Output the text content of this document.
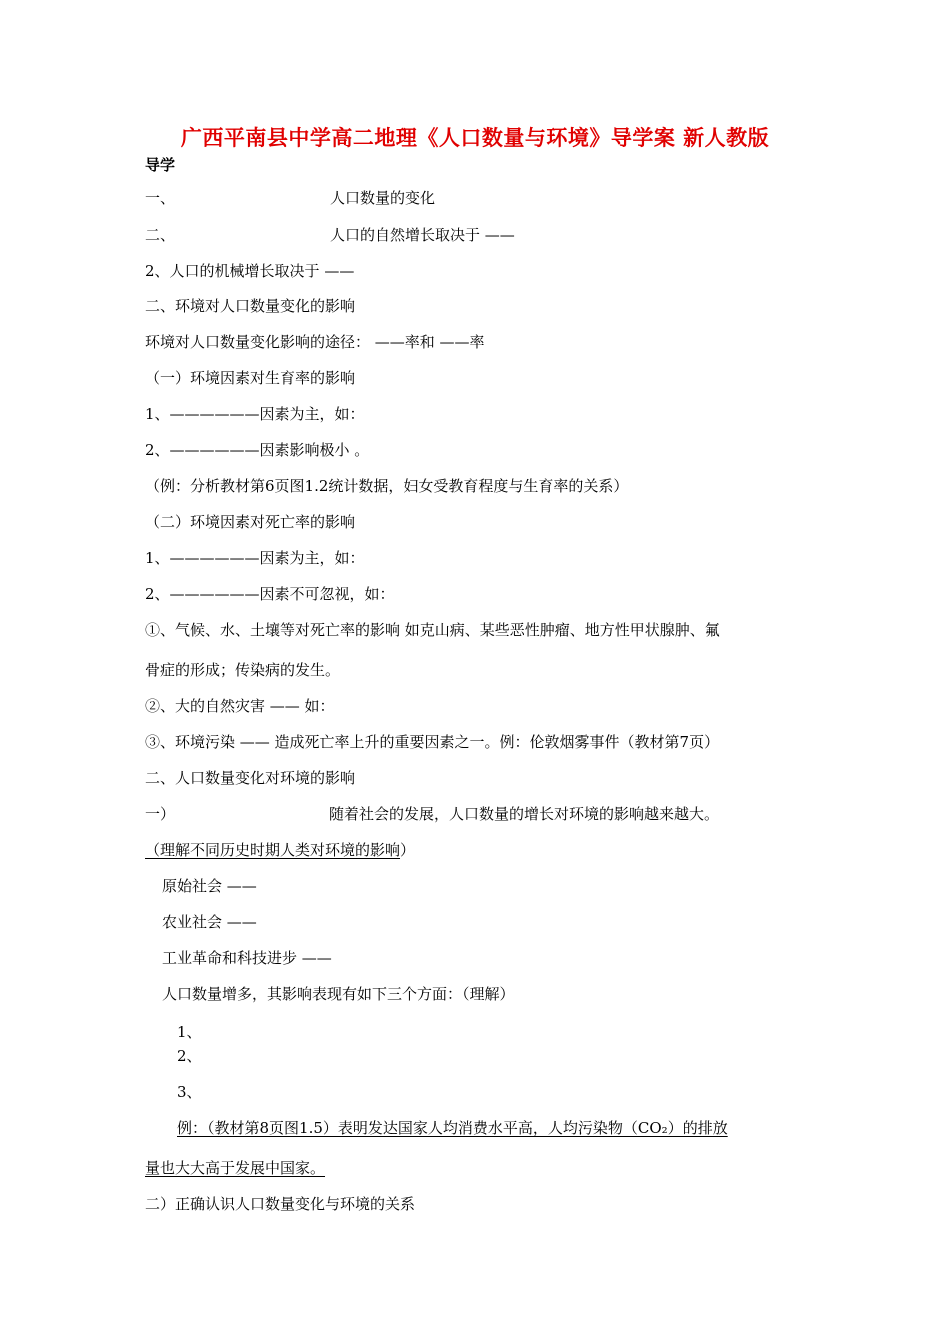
广西平南县中学高二地理《人口数量与环境》导学案 新人教版
导学
一、	人口数量的变化
二、	人口的自然增长取决于 ——
2、人口的机械增长取决于 ——
二、环境对人口数量变化的影响
环境对人口数量变化影响的途径： ——率和 ——率
（一）环境因素对生育率的影响
1、——————因素为主，如：
2、——————因素影响极小 。
（例：分析教材第6页图1.2统计数据，妇女受教育程度与生育率的关系）
（二）环境因素对死亡率的影响
1、——————因素为主，如：
2、——————因素不可忽视，如：
①、气候、水、土壤等对死亡率的影响 如克山病、某些恶性肿瘤、地方性甲状腺肿、氟
骨症的形成；传染病的发生。
②、大的自然灾害 —— 如：
③、环境污染 —— 造成死亡率上升的重要因素之一。例：伦敦烟雾事件（教材第7页）
二、人口数量变化对环境的影响
一）	随着社会的发展，人口数量的增长对环境的影响越来越大。
（理解不同历史时期人类对环境的影响）
原始社会 ——
农业社会 ——
工业革命和科技进步 ——
人口数量增多，其影响表现有如下三个方面：（理解）
1、
2、
3、
例：（教材第8页图1.5）表明发达国家人均消费水平高，人均污染物（CO₂）的排放
量也大大高于发展中国家。
二）正确认识人口数量变化与环境的关系
